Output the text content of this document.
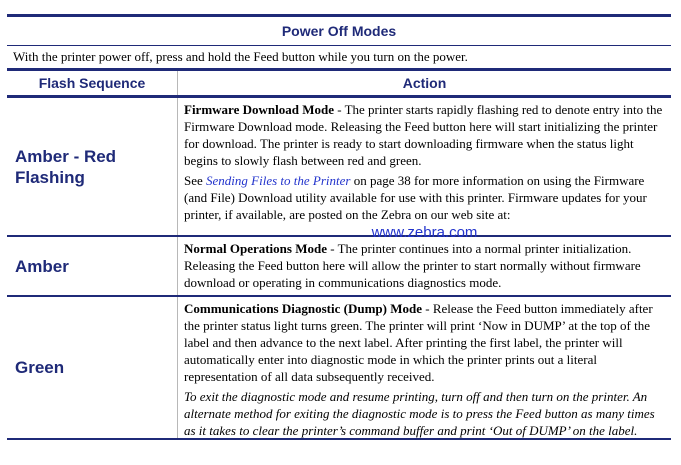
Power Off Modes
With the printer power off, press and hold the Feed button while you turn on the power.
Flash Sequence	Action
Amber - Red Flashing

Firmware Download Mode - The printer starts rapidly flashing red to denote entry into the Firmware Download mode. Releasing the Feed button here will start initializing the printer for download. The printer is ready to start downloading firmware when the status light begins to slowly flash between red and green.

See Sending Files to the Printer on page 38 for more information on using the Firmware (and File) Download utility available for use with this printer. Firmware updates for your printer, if available, are posted on the Zebra on our web site at:

www.zebra.com
Amber

Normal Operations Mode - The printer continues into a normal printer initialization. Releasing the Feed button here will allow the printer to start normally without firmware download or operating in communications diagnostics mode.

Green

Communications Diagnostic (Dump) Mode - Release the Feed button immediately after the printer status light turns green. The printer will print ‘Now in DUMP’ at the top of the label and then advance to the next label. After printing the first label, the printer will automatically enter into diagnostic mode in which the printer prints out a literal representation of all data subsequently received.

To exit the diagnostic mode and resume printing, turn off and then turn on the printer. An alternate method for exiting the diagnostic mode is to press the Feed button as many times as it takes to clear the printer’s command buffer and print ‘Out of DUMP’ on the label.
